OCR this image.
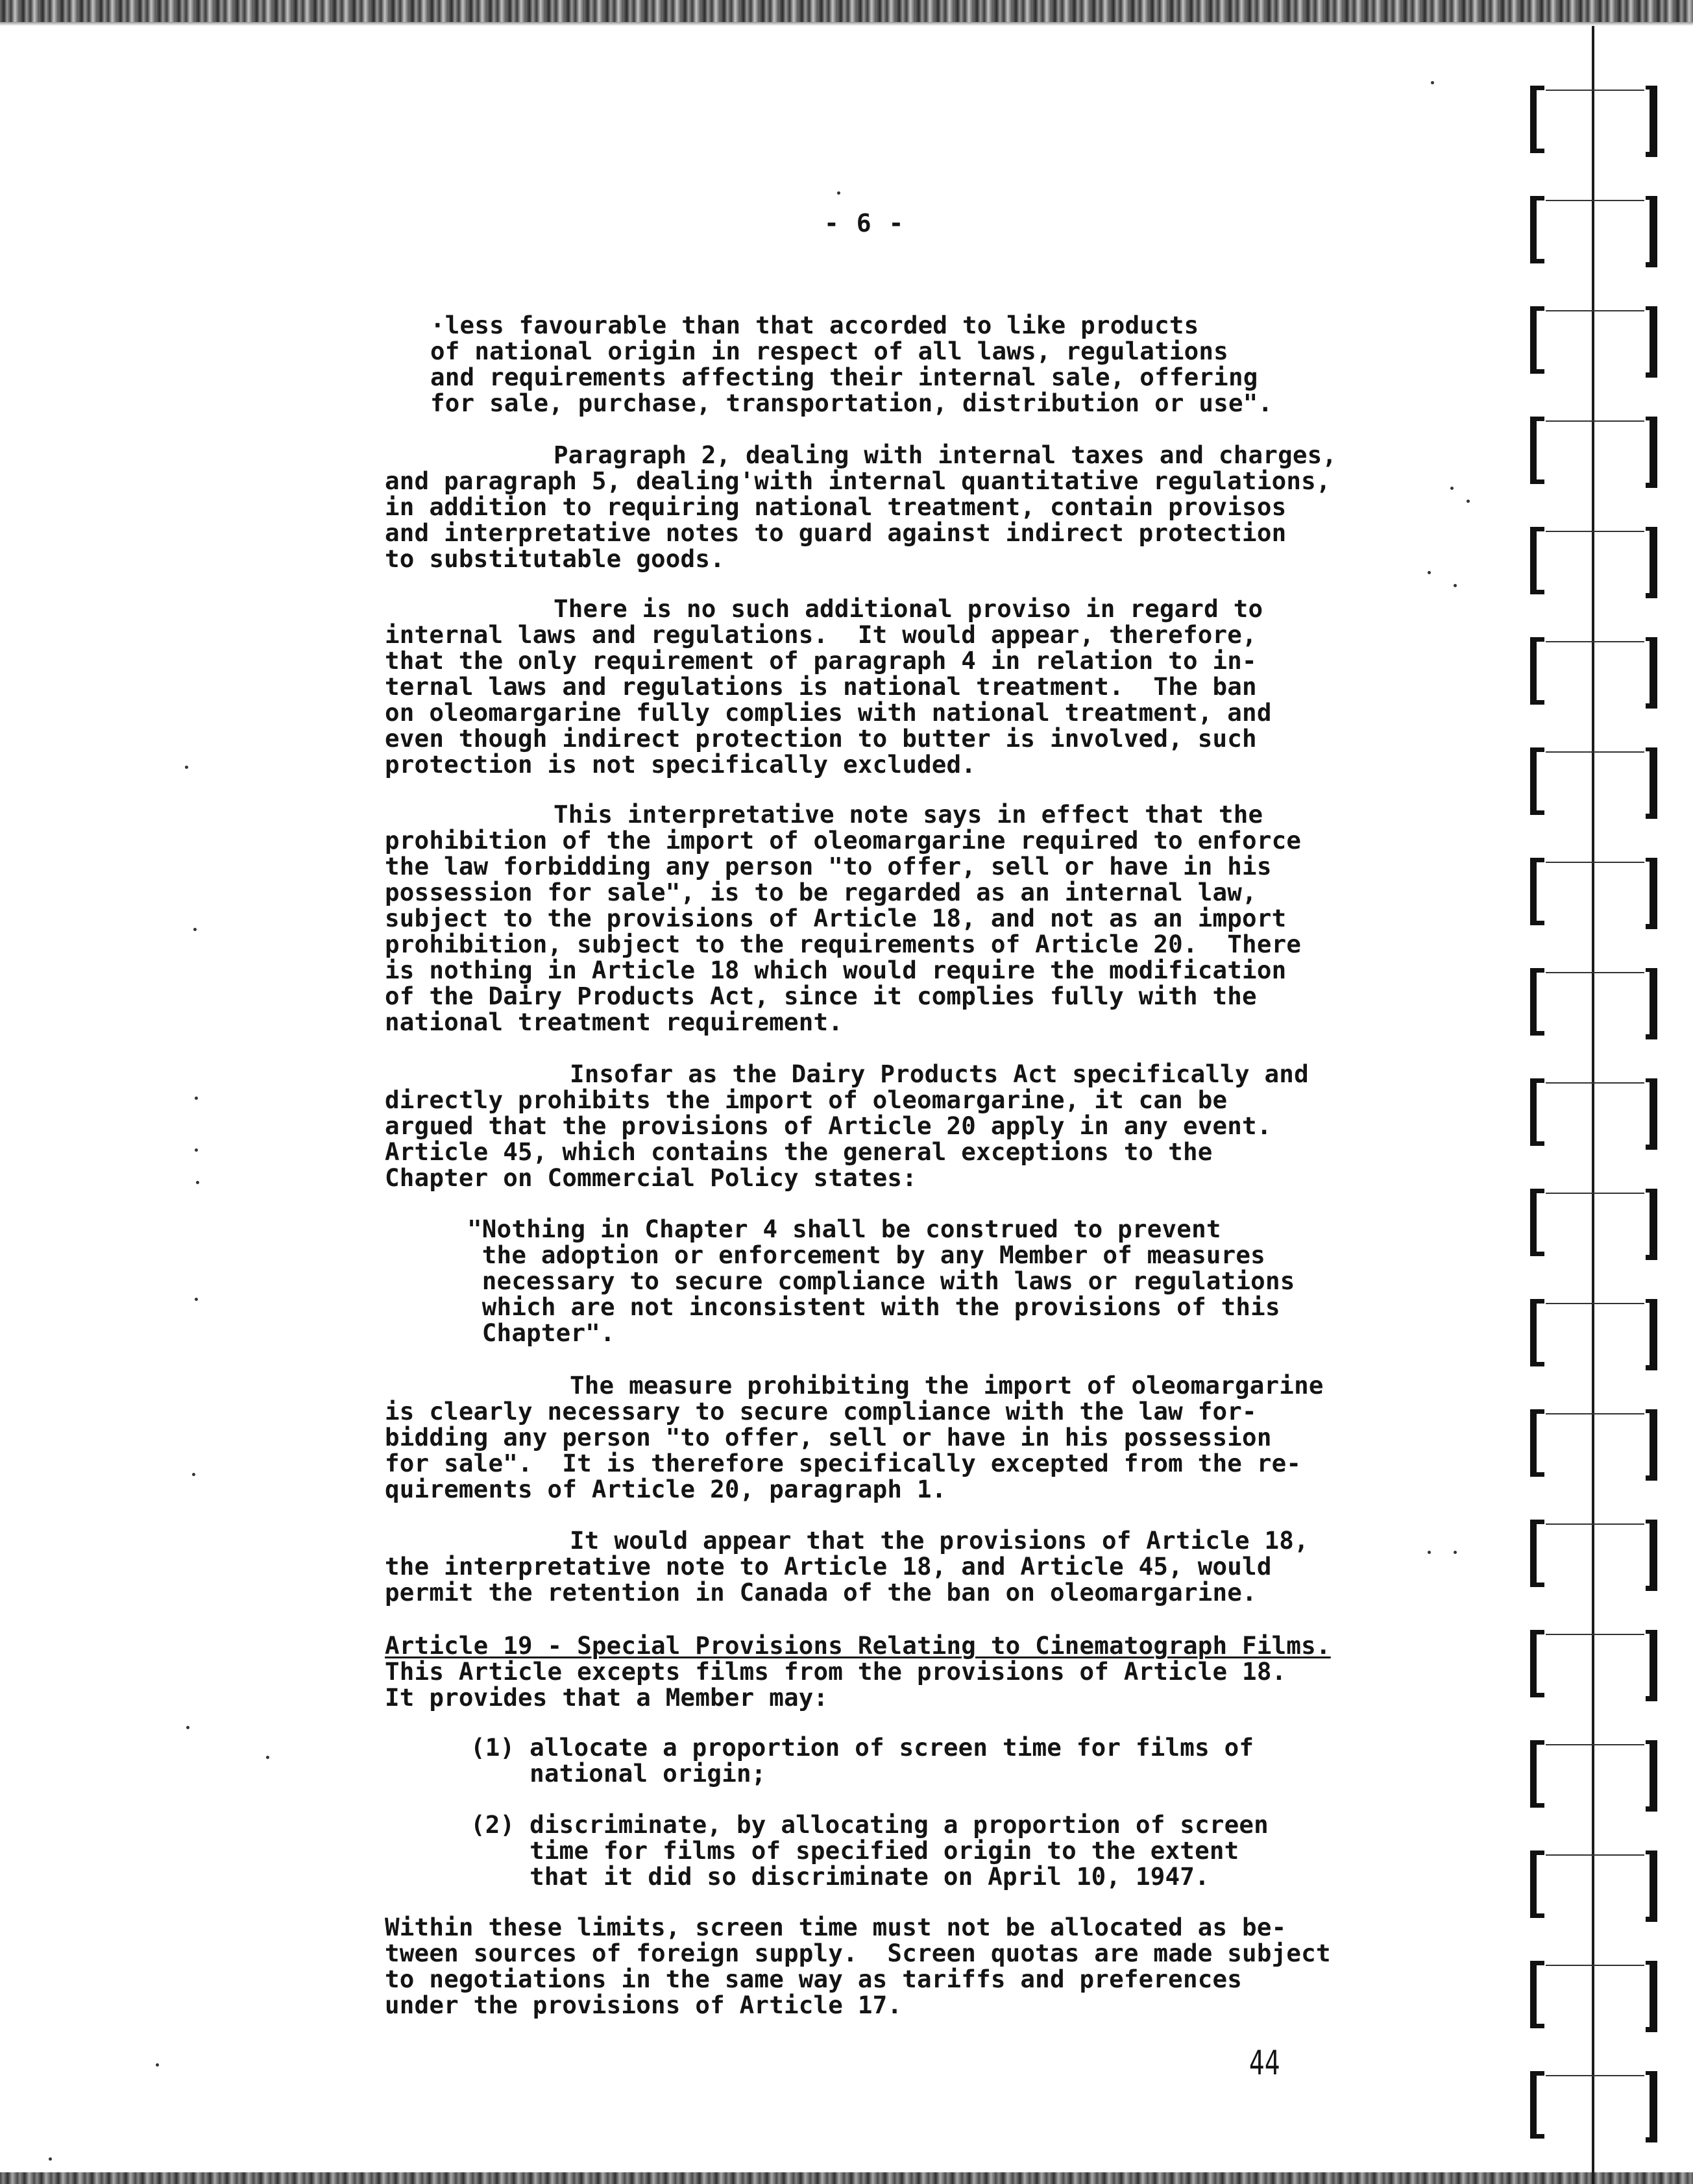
- 6 -

·less favourable than that accorded to like products
of national origin in respect of all laws, regulations
and requirements affecting their internal sale, offering
for sale, purchase, transportation, distribution or use".

Paragraph 2, dealing with internal taxes and charges,
and paragraph 5, dealing'with internal quantitative regulations,
in addition to requiring national treatment, contain provisos
and interpretative notes to guard against indirect protection
to substitutable goods.

There is no such additional proviso in regard to
internal laws and regulations.  It would appear, therefore,
that the only requirement of paragraph 4 in relation to in-
ternal laws and regulations is national treatment.  The ban
on oleomargarine fully complies with national treatment, and
even though indirect protection to butter is involved, such
protection is not specifically excluded.

This interpretative note says in effect that the
prohibition of the import of oleomargarine required to enforce
the law forbidding any person "to offer, sell or have in his
possession for sale", is to be regarded as an internal law,
subject to the provisions of Article 18, and not as an import
prohibition, subject to the requirements of Article 20.  There
is nothing in Article 18 which would require the modification
of the Dairy Products Act, since it complies fully with the
national treatment requirement.

Insofar as the Dairy Products Act specifically and
directly prohibits the import of oleomargarine, it can be
argued that the provisions of Article 20 apply in any event.
Article 45, which contains the general exceptions to the
Chapter on Commercial Policy states:

"Nothing in Chapter 4 shall be construed to prevent
the adoption or enforcement by any Member of measures
necessary to secure compliance with laws or regulations
which are not inconsistent with the provisions of this
Chapter".

The measure prohibiting the import of oleomargarine
is clearly necessary to secure compliance with the law for-
bidding any person "to offer, sell or have in his possession
for sale".  It is therefore specifically excepted from the re-
quirements of Article 20, paragraph 1.

It would appear that the provisions of Article 18,
the interpretative note to Article 18, and Article 45, would
permit the retention in Canada of the ban on oleomargarine.

Article 19 - Special Provisions Relating to Cinematograph Films.
This Article excepts films from the provisions of Article 18.
It provides that a Member may:

(1) allocate a proportion of screen time for films of
national origin;

(2) discriminate, by allocating a proportion of screen
time for films of specified origin to the extent
that it did so discriminate on April 10, 1947.

Within these limits, screen time must not be allocated as be-
tween sources of foreign supply.  Screen quotas are made subject
to negotiations in the same way as tariffs and preferences
under the provisions of Article 17.

44
